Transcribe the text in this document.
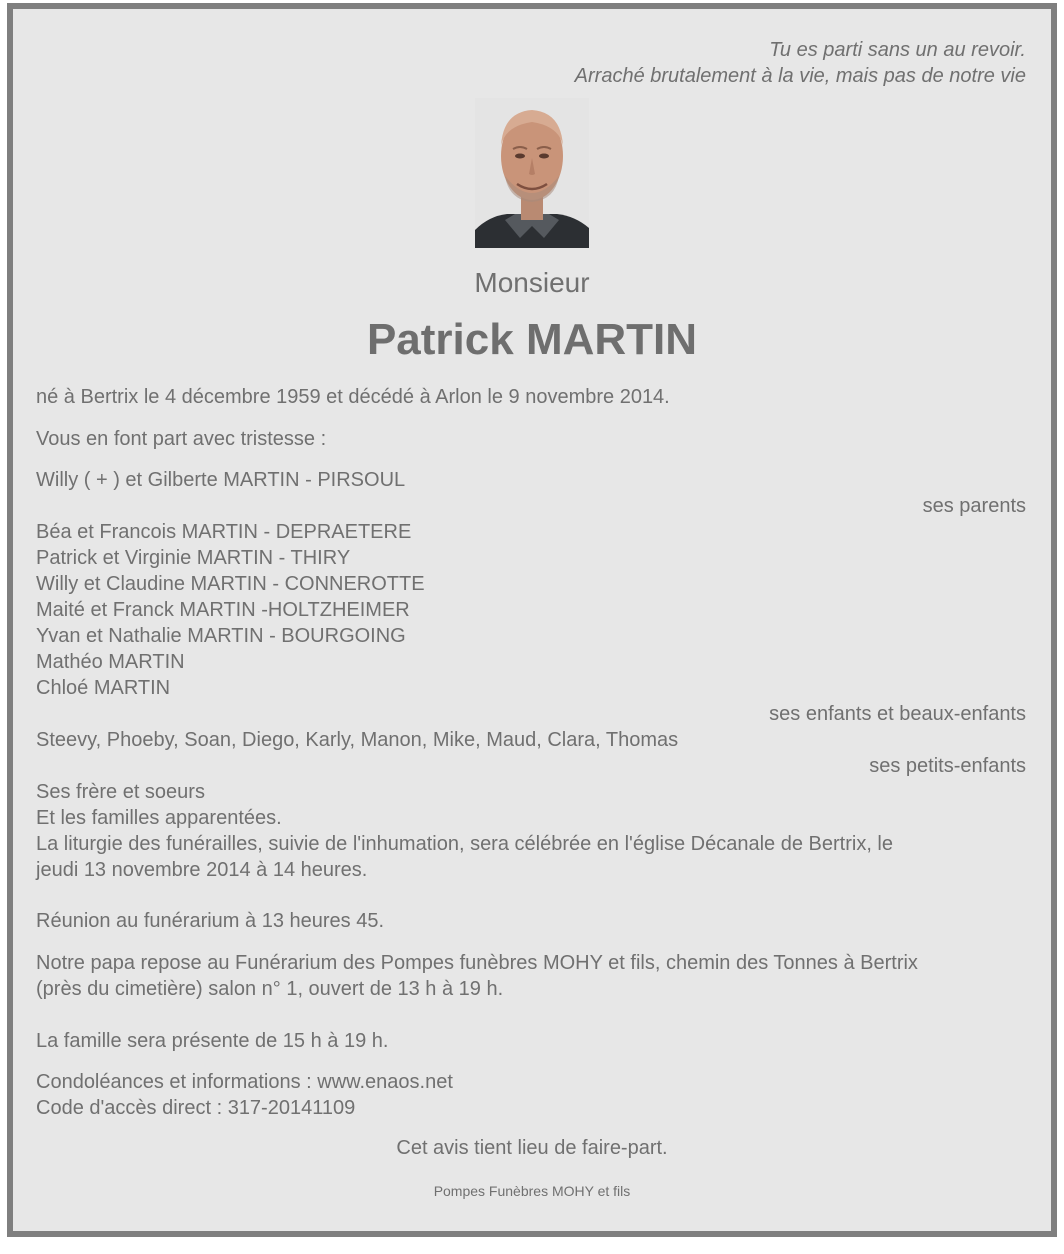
Tu es parti sans un au revoir.
Arraché brutalement à la vie, mais pas de notre vie
Monsieur
Patrick MARTIN
né à Bertrix le 4 décembre 1959 et décédé à Arlon le 9 novembre 2014.
Vous en font part avec tristesse :
Willy ( + ) et Gilberte MARTIN - PIRSOUL
ses parents
Béa et Francois MARTIN - DEPRAETERE
Patrick et Virginie MARTIN - THIRY
Willy et Claudine MARTIN - CONNEROTTE
Maité et Franck MARTIN -HOLTZHEIMER
Yvan et Nathalie MARTIN - BOURGOING
Mathéo MARTIN
Chloé MARTIN
ses enfants et beaux-enfants
Steevy, Phoeby, Soan, Diego, Karly, Manon, Mike, Maud, Clara, Thomas
ses petits-enfants
Ses frère et soeurs
Et les familles apparentées.
La liturgie des funérailles, suivie de l'inhumation, sera célébrée en l'église Décanale de Bertrix, le
jeudi 13 novembre 2014 à 14 heures.
Réunion au funérarium à 13 heures 45.
Notre papa repose au Funérarium des Pompes funèbres MOHY et fils, chemin des Tonnes à Bertrix
(près du cimetière) salon n° 1, ouvert de 13 h à 19 h.
La famille sera présente de 15 h à 19 h.
Condoléances et informations : www.enaos.net
Code d'accès direct : 317-20141109
Cet avis tient lieu de faire-part.
Pompes Funèbres MOHY et fils
